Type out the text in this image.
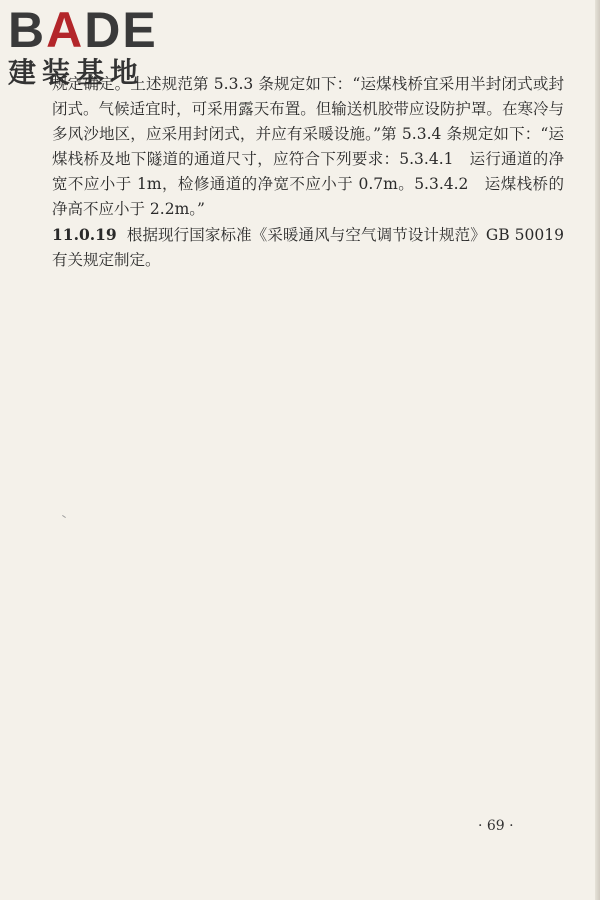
BADE
建装基地

规定确定。上述规范第 5.3.3 条规定如下：“运煤栈桥宜采用半封闭式或封闭式。气候适宜时，可采用露天布置。但输送机胶带应设防护罩。在寒冷与多风沙地区，应采用封闭式，并应有采暖设施。”第 5.3.4 条规定如下：“运煤栈桥及地下隧道的通道尺寸，应符合下列要求：5.3.4.1　运行通道的净宽不应小于 1m，检修通道的净宽不应小于 0.7m。5.3.4.2　运煤栈桥的净高不应小于 2.2m。”

11.0.19 根据现行国家标准《采暖通风与空气调节设计规范》GB 50019 有关规定制定。

· 69 ·
